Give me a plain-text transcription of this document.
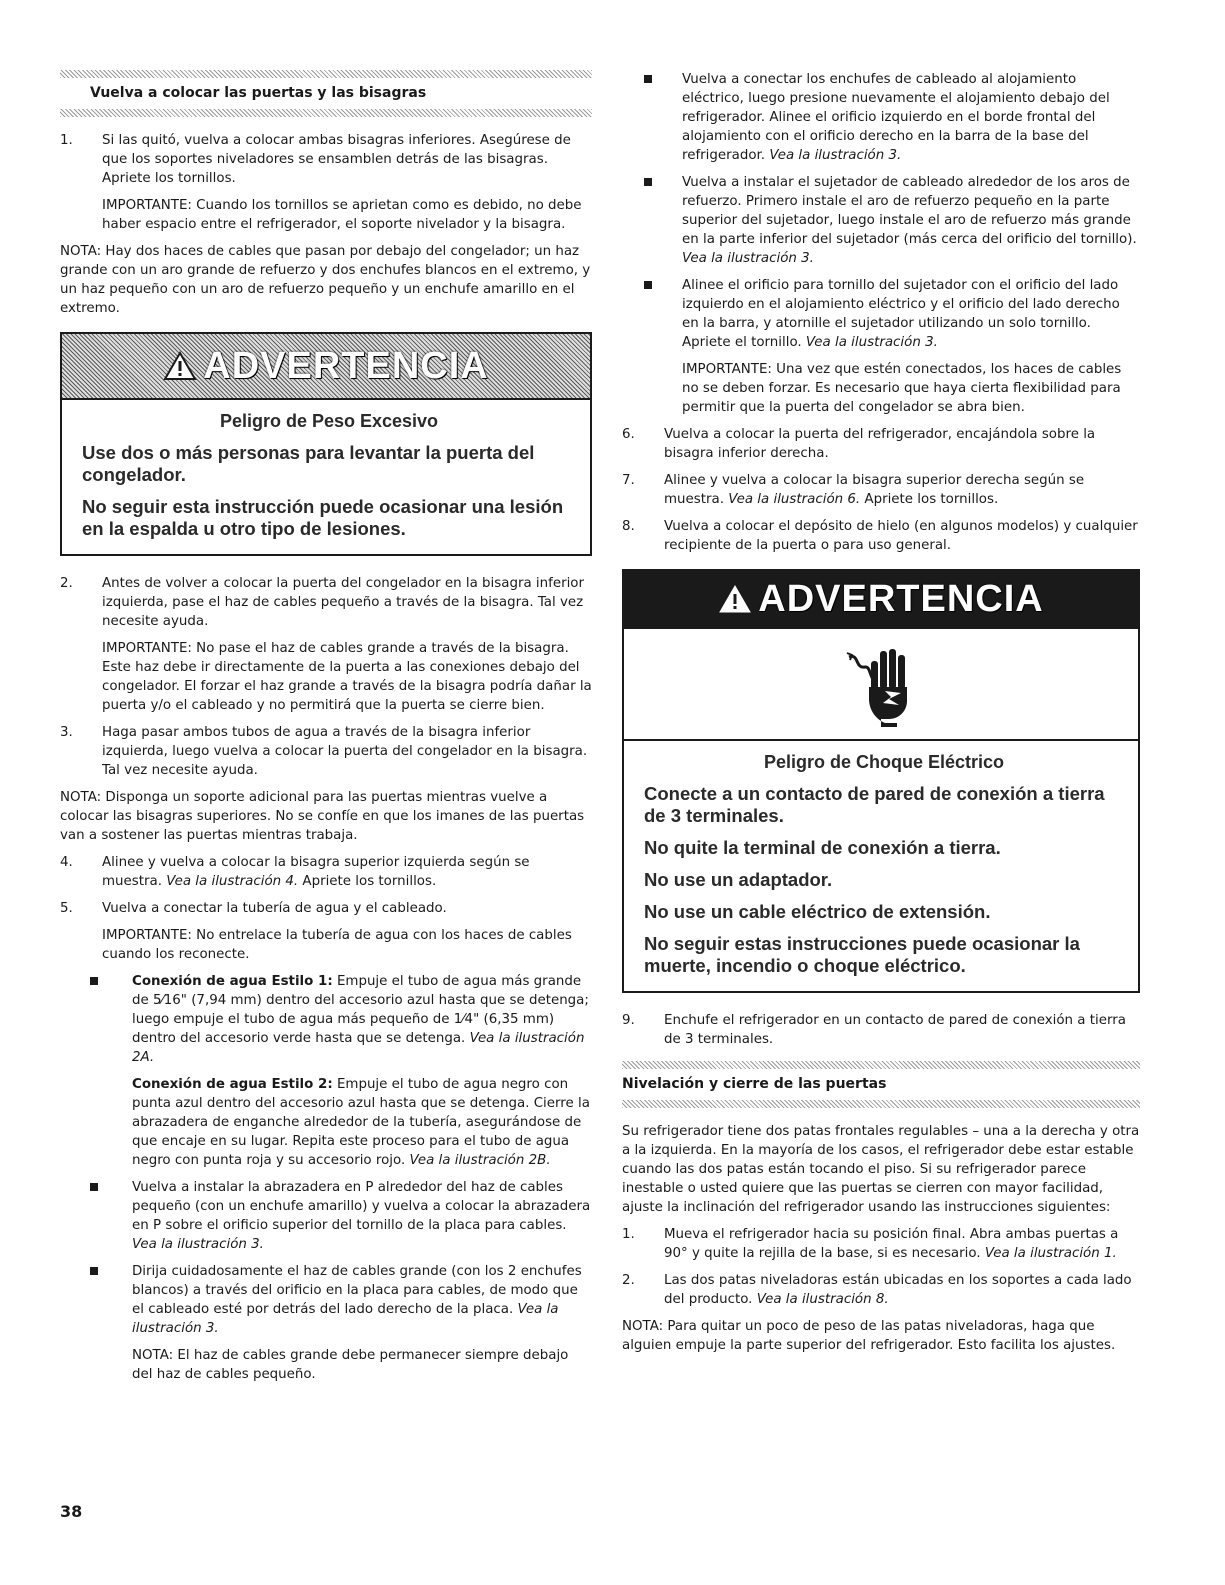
Vuelva a colocar las puertas y las bisagras
1. Si las quitó, vuelva a colocar ambas bisagras inferiores. Asegúrese de que los soportes niveladores se ensamblen detrás de las bisagras. Apriete los tornillos.
IMPORTANTE: Cuando los tornillos se aprietan como es debido, no debe haber espacio entre el refrigerador, el soporte nivelador y la bisagra.

NOTA: Hay dos haces de cables que pasan por debajo del congelador; un haz grande con un aro grande de refuerzo y dos enchufes blancos en el extremo, y un haz pequeño con un aro de refuerzo pequeño y un enchufe amarillo en el extremo.

ADVERTENCIA
Peligro de Peso Excesivo
Use dos o más personas para levantar la puerta del congelador.
No seguir esta instrucción puede ocasionar una lesión en la espalda u otro tipo de lesiones.
2. Antes de volver a colocar la puerta del congelador en la bisagra inferior izquierda, pase el haz de cables pequeño a través de la bisagra. Tal vez necesite ayuda.
IMPORTANTE: No pase el haz de cables grande a través de la bisagra. Este haz debe ir directamente de la puerta a las conexiones debajo del congelador. El forzar el haz grande a través de la bisagra podría dañar la puerta y/o el cableado y no permitirá que la puerta se cierre bien.
3. Haga pasar ambos tubos de agua a través de la bisagra inferior izquierda, luego vuelva a colocar la puerta del congelador en la bisagra. Tal vez necesite ayuda.

NOTA: Disponga un soporte adicional para las puertas mientras vuelve a colocar las bisagras superiores. No se confíe en que los imanes de las puertas van a sostener las puertas mientras trabaja.

4. Alinee y vuelva a colocar la bisagra superior izquierda según se muestra. Vea la ilustración 4. Apriete los tornillos.
5. Vuelva a conectar la tubería de agua y el cableado.
IMPORTANTE: No entrelace la tubería de agua con los haces de cables cuando los reconecte.
Conexión de agua Estilo 1: Empuje el tubo de agua más grande de 5⁄16" (7,94 mm) dentro del accesorio azul hasta que se detenga; luego empuje el tubo de agua más pequeño de 1⁄4" (6,35 mm) dentro del accesorio verde hasta que se detenga. Vea la ilustración 2A.
Conexión de agua Estilo 2: Empuje el tubo de agua negro con punta azul dentro del accesorio azul hasta que se detenga. Cierre la abrazadera de enganche alrededor de la tubería, asegurándose de que encaje en su lugar. Repita este proceso para el tubo de agua negro con punta roja y su accesorio rojo. Vea la ilustración 2B.
Vuelva a instalar la abrazadera en P alrededor del haz de cables pequeño (con un enchufe amarillo) y vuelva a colocar la abrazadera en P sobre el orificio superior del tornillo de la placa para cables. Vea la ilustración 3.
Dirija cuidadosamente el haz de cables grande (con los 2 enchufes blancos) a través del orificio en la placa para cables, de modo que el cableado esté por detrás del lado derecho de la placa. Vea la ilustración 3.
NOTA: El haz de cables grande debe permanecer siempre debajo del haz de cables pequeño.
Vuelva a conectar los enchufes de cableado al alojamiento eléctrico, luego presione nuevamente el alojamiento debajo del refrigerador. Alinee el orificio izquierdo en el borde frontal del alojamiento con el orificio derecho en la barra de la base del refrigerador. Vea la ilustración 3.
Vuelva a instalar el sujetador de cableado alrededor de los aros de refuerzo. Primero instale el aro de refuerzo pequeño en la parte superior del sujetador, luego instale el aro de refuerzo más grande en la parte inferior del sujetador (más cerca del orificio del tornillo). Vea la ilustración 3.
Alinee el orificio para tornillo del sujetador con el orificio del lado izquierdo en el alojamiento eléctrico y el orificio del lado derecho en la barra, y atornille el sujetador utilizando un solo tornillo. Apriete el tornillo. Vea la ilustración 3.
IMPORTANTE: Una vez que estén conectados, los haces de cables no se deben forzar. Es necesario que haya cierta flexibilidad para permitir que la puerta del congelador se abra bien.
6. Vuelva a colocar la puerta del refrigerador, encajándola sobre la bisagra inferior derecha.
7. Alinee y vuelva a colocar la bisagra superior derecha según se muestra. Vea la ilustración 6. Apriete los tornillos.
8. Vuelva a colocar el depósito de hielo (en algunos modelos) y cualquier recipiente de la puerta o para uso general.
ADVERTENCIA
Peligro de Choque Eléctrico
Conecte a un contacto de pared de conexión a tierra de 3 terminales.
No quite la terminal de conexión a tierra.
No use un adaptador.
No use un cable eléctrico de extensión.
No seguir estas instrucciones puede ocasionar la muerte, incendio o choque eléctrico.
9. Enchufe el refrigerador en un contacto de pared de conexión a tierra de 3 terminales.
Nivelación y cierre de las puertas

Su refrigerador tiene dos patas frontales regulables – una a la derecha y otra a la izquierda. En la mayoría de los casos, el refrigerador debe estar estable cuando las dos patas están tocando el piso. Si su refrigerador parece inestable o usted quiere que las puertas se cierren con mayor facilidad, ajuste la inclinación del refrigerador usando las instrucciones siguientes:

1. Mueva el refrigerador hacia su posición final. Abra ambas puertas a 90° y quite la rejilla de la base, si es necesario. Vea la ilustración 1.
2. Las dos patas niveladoras están ubicadas en los soportes a cada lado del producto. Vea la ilustración 8.

NOTA: Para quitar un poco de peso de las patas niveladoras, haga que alguien empuje la parte superior del refrigerador. Esto facilita los ajustes.

38
